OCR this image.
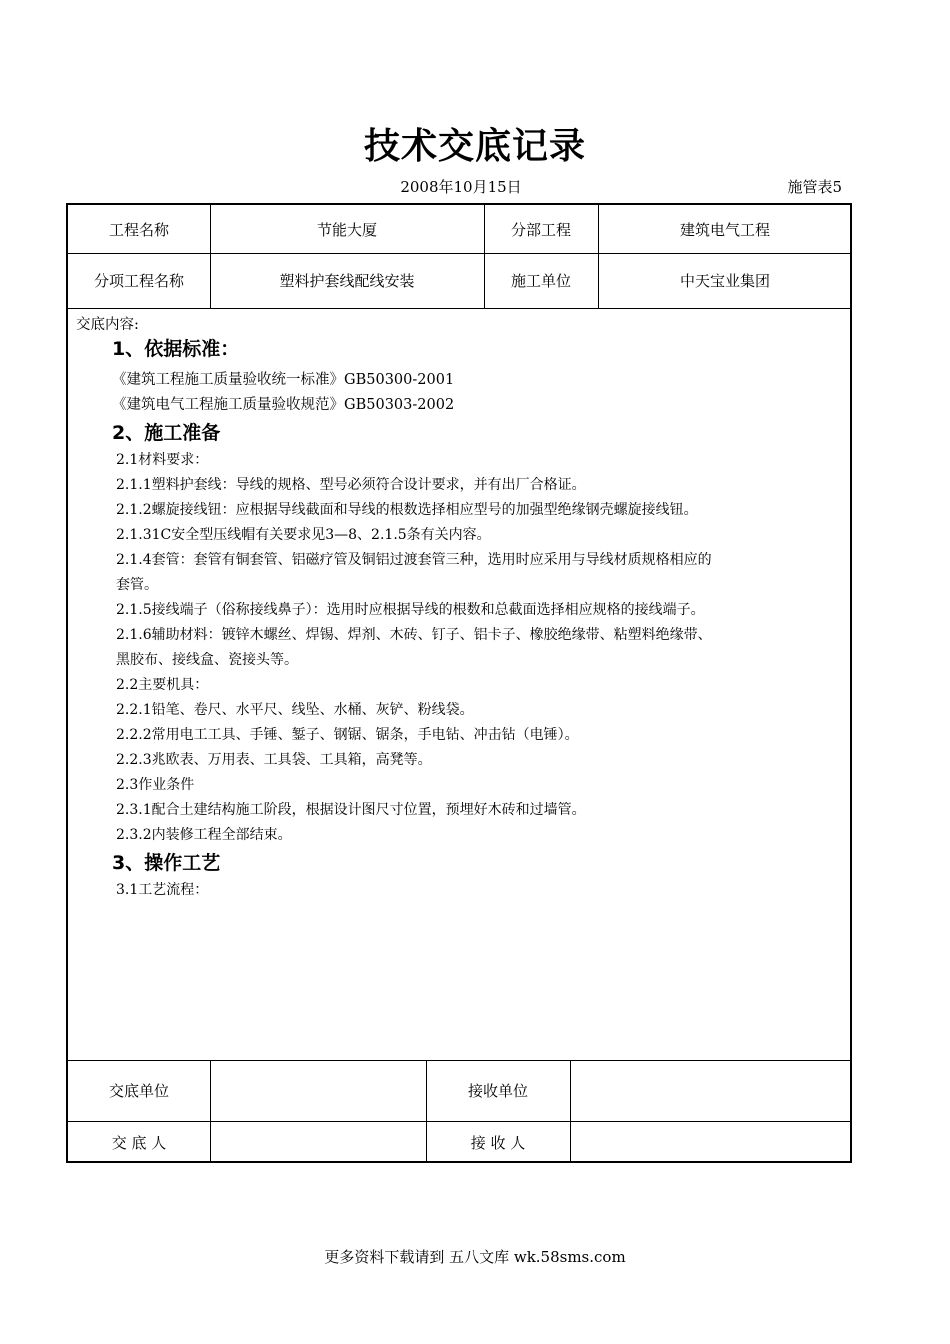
技术交底记录
2008年10月15日	施管表5
工程名称	节能大厦	分部工程	建筑电气工程
分项工程名称	塑料护套线配线安装	施工单位	中天宝业集团
交底内容:
1、依据标准：
《建筑工程施工质量验收统一标准》GB50300-2001
《建筑电气工程施工质量验收规范》GB50303-2002
2、施工准备
2.1材料要求：
2.1.1塑料护套线：导线的规格、型号必须符合设计要求，并有出厂合格证。
2.1.2螺旋接线钮：应根据导线截面和导线的根数选择相应型号的加强型绝缘钢壳螺旋接线钮。
2.1.31C安全型压线帽有关要求见3—8、2.1.5条有关内容。
2.1.4套管：套管有铜套管、铝磁疗管及铜铝过渡套管三种，选用时应采用与导线材质规格相应的
套管。
2.1.5接线端子（俗称接线鼻子）：选用时应根据导线的根数和总截面选择相应规格的接线端子。
2.1.6辅助材料：镀锌木螺丝、焊锡、焊剂、木砖、钉子、铝卡子、橡胶绝缘带、粘塑料绝缘带、
黑胶布、接线盒、瓷接头等。
2.2主要机具：
2.2.1铅笔、卷尺、水平尺、线坠、水桶、灰铲、粉线袋。
2.2.2常用电工工具、手锤、錾子、钢锯、锯条，手电钻、冲击钻（电锤）。
2.2.3兆欧表、万用表、工具袋、工具箱，高凳等。
2.3作业条件
2.3.1配合土建结构施工阶段，根据设计图尺寸位置，预埋好木砖和过墙管。
2.3.2内装修工程全部结束。
3、操作工艺
3.1工艺流程：
交底单位	接收单位
交 底 人	接 收 人
更多资料下载请到 五八文库 wk.58sms.com
